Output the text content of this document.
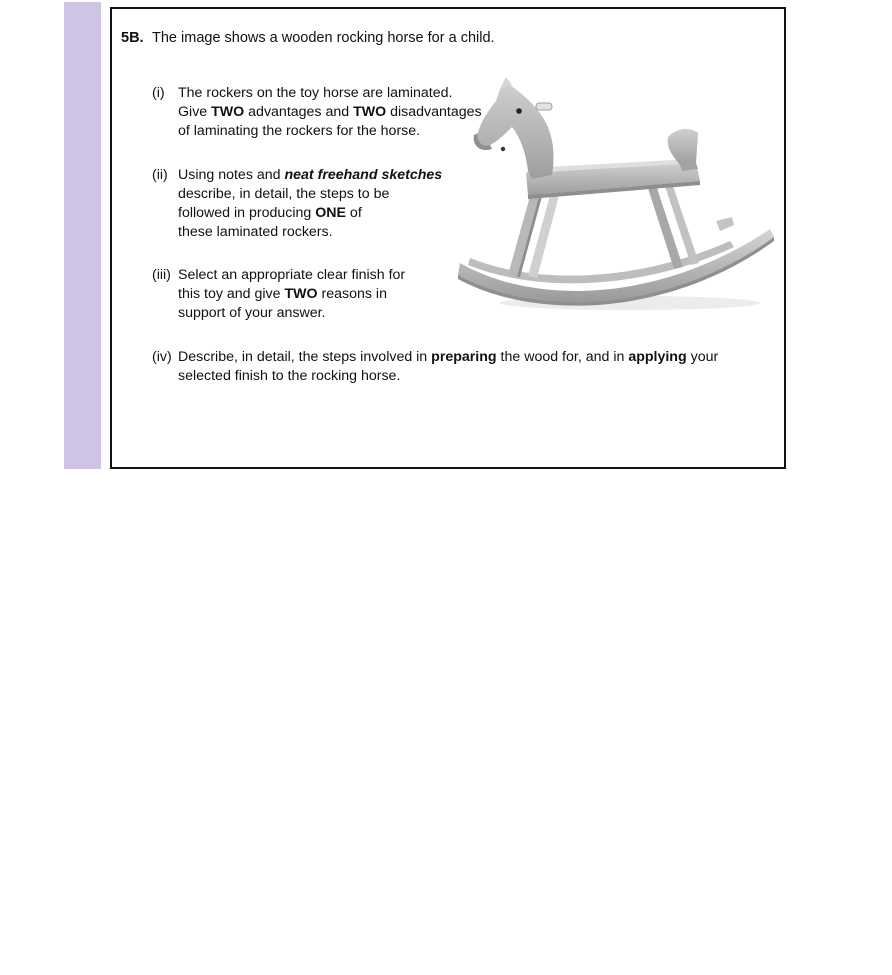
5B. The image shows a wooden rocking horse for a child.
(i) The rockers on the toy horse are laminated.
Give TWO advantages and TWO disadvantages
of laminating the rockers for the horse.
(ii) Using notes and neat freehand sketches
describe, in detail, the steps to be
followed in producing ONE of
these laminated rockers.
(iii) Select an appropriate clear finish for
this toy and give TWO reasons in
support of your answer.
(iv) Describe, in detail, the steps involved in preparing the wood for, and in applying your
selected finish to the rocking horse.
